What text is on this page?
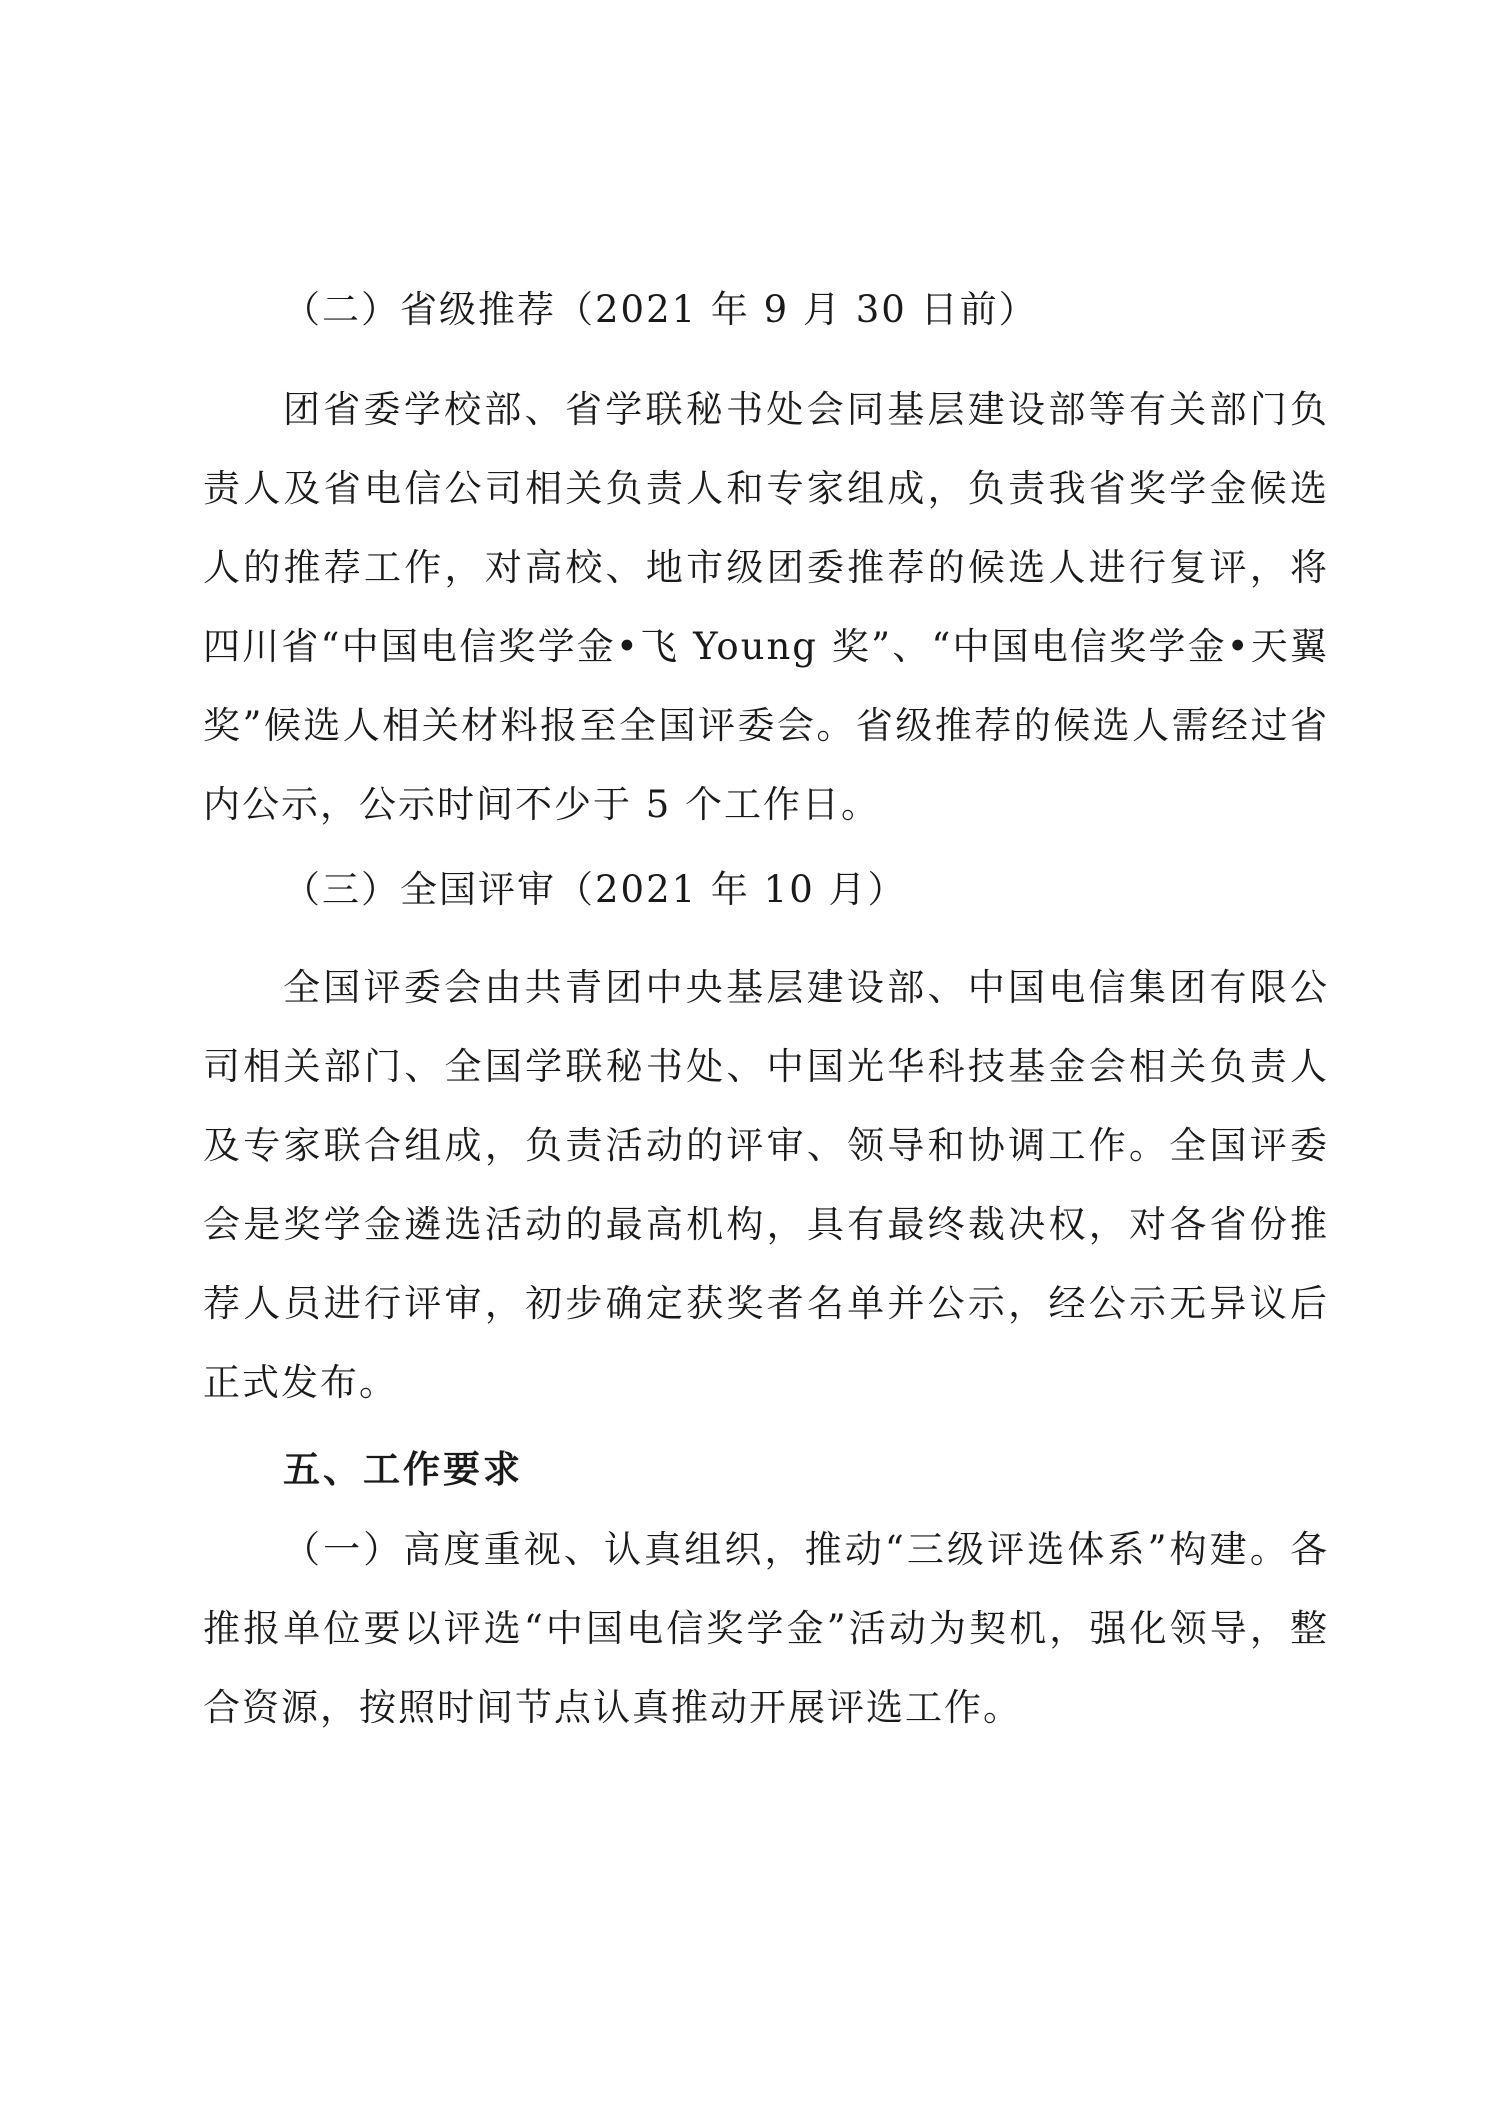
（二）省级推荐（2021 年 9 月 30 日前）
团省委学校部、省学联秘书处会同基层建设部等有关部门负责人及省电信公司相关负责人和专家组成，负责我省奖学金候选人的推荐工作，对高校、地市级团委推荐的候选人进行复评，将四川省“中国电信奖学金•飞 Young 奖”、“中国电信奖学金•天翼奖”候选人相关材料报至全国评委会。省级推荐的候选人需经过省内公示，公示时间不少于 5 个工作日。
（三）全国评审（2021 年 10 月）
全国评委会由共青团中央基层建设部、中国电信集团有限公司相关部门、全国学联秘书处、中国光华科技基金会相关负责人及专家联合组成，负责活动的评审、领导和协调工作。全国评委会是奖学金遴选活动的最高机构，具有最终裁决权，对各省份推荐人员进行评审，初步确定获奖者名单并公示，经公示无异议后正式发布。
五、工作要求
（一）高度重视、认真组织，推动“三级评选体系”构建。各推报单位要以评选“中国电信奖学金”活动为契机，强化领导，整合资源，按照时间节点认真推动开展评选工作。
